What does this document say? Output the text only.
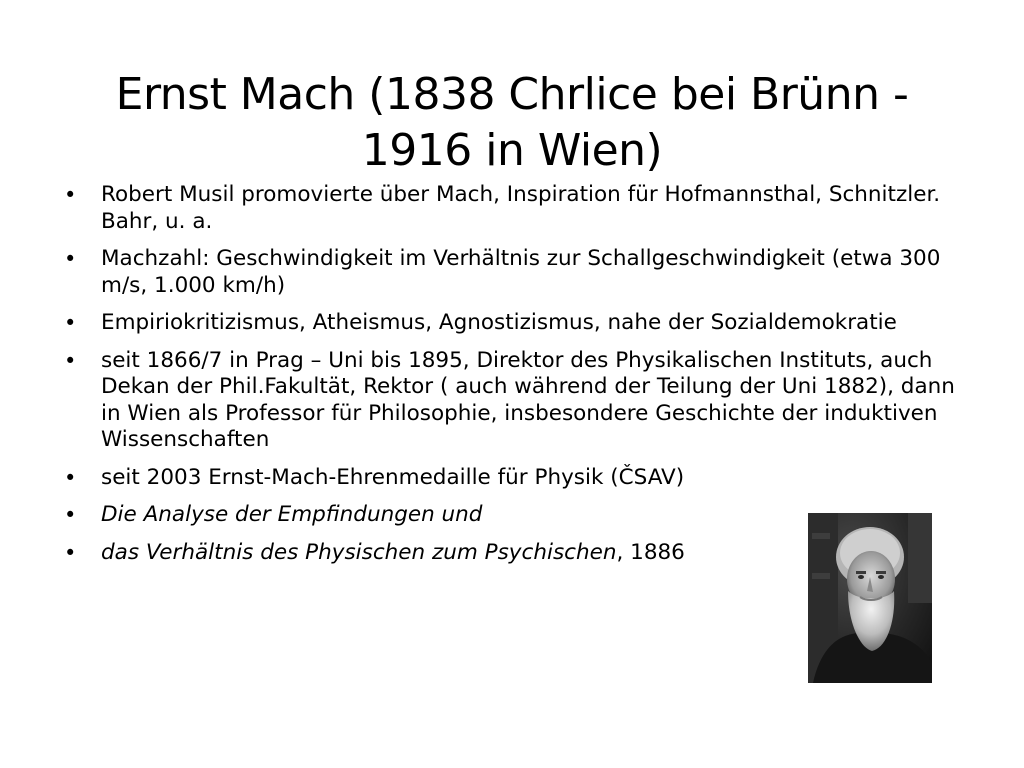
Ernst Mach (1838 Chrlice bei Brünn - 1916 in Wien)
• Robert Musil promovierte über Mach, Inspiration für Hofmannsthal, Schnitzler. Bahr, u. a.
• Machzahl: Geschwindigkeit im Verhältnis zur Schallgeschwindigkeit (etwa 300 m/s, 1.000 km/h)
• Empiriokritizismus, Atheismus, Agnostizismus, nahe der Sozialdemokratie
• seit 1866/7 in Prag – Uni bis 1895, Direktor des Physikalischen Instituts, auch Dekan der Phil.Fakultät, Rektor ( auch während der Teilung der Uni 1882), dann in Wien als Professor für Philosophie, insbesondere Geschichte der induktiven Wissenschaften
• seit 2003 Ernst-Mach-Ehrenmedaille für Physik (ČSAV)
• Die Analyse der Empfindungen und
• das Verhältnis des Physischen zum Psychischen, 1886
